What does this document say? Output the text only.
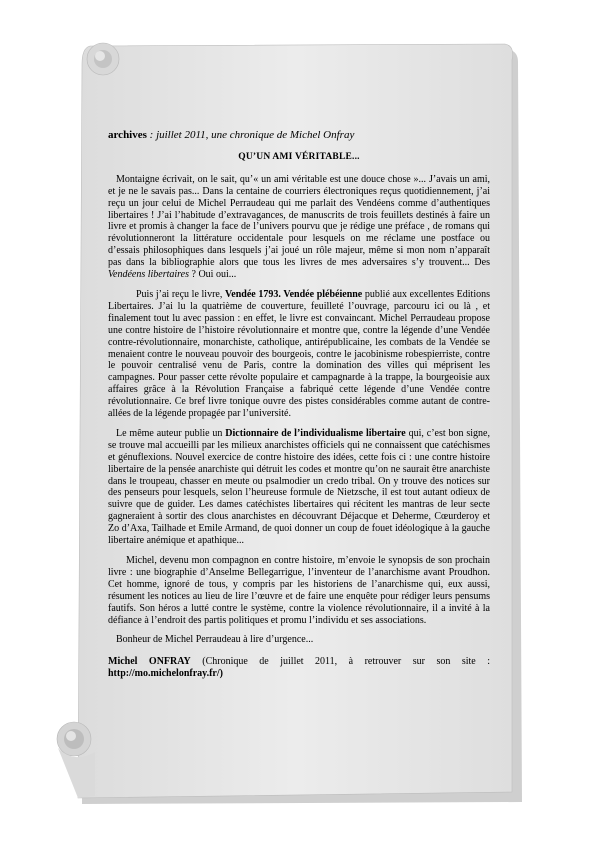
archives : juillet 2011, une chronique de Michel Onfray
QU’UN AMI VÉRITABLE...

Montaigne écrivait, on le sait, qu’« un ami véritable est une douce chose »... J’avais un ami, et je ne le savais pas... Dans la centaine de courriers électroniques reçus quotidiennement, j’ai reçu un jour celui de Michel Perraudeau qui me parlait des Vendéens comme d’authentiques libertaires ! J’ai l’habitude d’extravagances, de manuscrits de trois feuillets destinés à faire un livre et promis à changer la face de l’univers pourvu que je rédige une préface , de romans qui révolutionneront la littérature occidentale pour lesquels on me réclame une postface ou d’essais philosophiques dans lesquels j’ai joué un rôle majeur, même si mon nom n’apparaît pas dans la bibliographie alors que tous les livres de mes adversaires s’y trouvent... Des Vendéens libertaires ? Oui oui...

Puis j’ai reçu le livre, Vendée 1793. Vendée plébéienne publié aux excellentes Editions Libertaires. J’ai lu la quatrième de couverture, feuilleté l’ouvrage, parcouru ici ou là , et finalement tout lu avec passion : en effet, le livre est convaincant. Michel Perraudeau propose une contre histoire de l’histoire révolutionnaire et montre que, contre la légende d’une Vendée contre-révolutionnaire, monarchiste, catholique, antirépublicaine, les combats de la Vendée se menaient contre le nouveau pouvoir des bourgeois, contre le jacobinisme robespierriste, contre le pouvoir centralisé venu de Paris, contre la domination des villes qui méprisent les campagnes. Pour passer cette révolte populaire et campagnarde à la trappe, la bourgeoisie aux affaires grâce à la Révolution Française a fabriqué cette légende d’une Vendée contre révolutionnaire. Ce bref livre tonique ouvre des pistes considérables comme autant de contre-allées de la légende propagée par l’université.

Le même auteur publie un Dictionnaire de l’individualisme libertaire qui, c’est bon signe, se trouve mal accueilli par les milieux anarchistes officiels qui ne connaissent que catéchismes et génuflexions. Nouvel exercice de contre histoire des idées, cette fois ci : une contre histoire libertaire de la pensée anarchiste qui détruit les codes et montre qu’on ne saurait être anarchiste dans le troupeau, chasser en meute ou psalmodier un credo tribal. On y trouve des notices sur des penseurs pour lesquels, selon l’heureuse formule de Nietzsche, il est tout autant odieux de suivre que de guider. Les dames catéchistes libertaires qui récitent les mantras de leur secte gagneraient à sortir des clous anarchistes en découvrant Déjacque et Deherme, Cœurderoy et Zo d’Axa, Tailhade et Emile Armand, de quoi donner un coup de fouet idéologique à la gauche libertaire anémique et apathique...

Michel, devenu mon compagnon en contre histoire, m’envoie le synopsis de son prochain livre : une biographie d’Anselme Bellegarrigue, l’inventeur de l’anarchisme avant Proudhon. Cet homme, ignoré de tous, y compris par les historiens de l’anarchisme qui, eux aussi, résument les notices au lieu de lire l’œuvre et de faire une enquête pour rédiger leurs pensums fautifs. Son héros a lutté contre le système, contre la violence révolutionnaire, il a invité à la défiance à l’endroit des partis politiques et promu l’individu et ses associations.

Bonheur de Michel Perraudeau à lire d’urgence...

Michel ONFRAY (Chronique de juillet 2011, à retrouver sur son site : http://mo.michelonfray.fr/)
